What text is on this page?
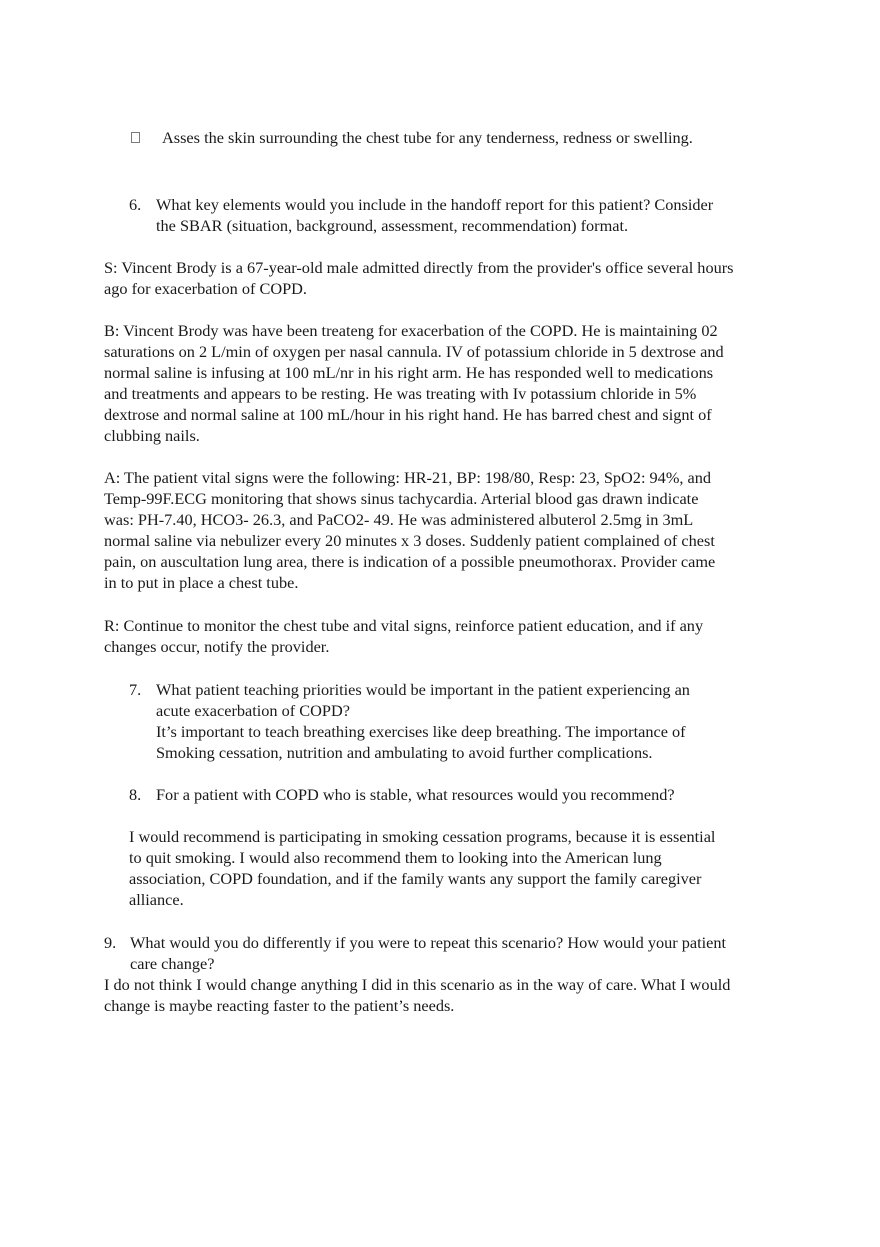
Asses the skin surrounding the chest tube for any tenderness, redness or swelling.
6. What key elements would you include in the handoff report for this patient? Consider
the SBAR (situation, background, assessment, recommendation) format.
S: Vincent Brody is a 67-year-old male admitted directly from the provider's office several hours
ago for exacerbation of COPD.
B: Vincent Brody was have been treateng for exacerbation of the COPD. He is maintaining 02
saturations on 2 L/min of oxygen per nasal cannula. IV of potassium chloride in 5 dextrose and
normal saline is infusing at 100 mL/nr in his right arm. He has responded well to medications
and treatments and appears to be resting. He was treating with Iv potassium chloride in 5%
dextrose and normal saline at 100 mL/hour in his right hand. He has barred chest and signt of
clubbing nails.
A: The patient vital signs were the following: HR-21, BP: 198/80, Resp: 23, SpO2: 94%, and
Temp-99F.ECG monitoring that shows sinus tachycardia. Arterial blood gas drawn indicate
was: PH-7.40, HCO3- 26.3, and PaCO2- 49. He was administered albuterol 2.5mg in 3mL
normal saline via nebulizer every 20 minutes x 3 doses. Suddenly patient complained of chest
pain, on auscultation lung area, there is indication of a possible pneumothorax. Provider came
in to put in place a chest tube.
R: Continue to monitor the chest tube and vital signs, reinforce patient education, and if any
changes occur, notify the provider.
7. What patient teaching priorities would be important in the patient experiencing an
acute exacerbation of COPD?
It’s important to teach breathing exercises like deep breathing. The importance of
Smoking cessation, nutrition and ambulating to avoid further complications.
8. For a patient with COPD who is stable, what resources would you recommend?
I would recommend is participating in smoking cessation programs, because it is essential
to quit smoking. I would also recommend them to looking into the American lung
association, COPD foundation, and if the family wants any support the family caregiver
alliance.
9. What would you do differently if you were to repeat this scenario? How would your patient
care change?
I do not think I would change anything I did in this scenario as in the way of care. What I would
change is maybe reacting faster to the patient’s needs.
